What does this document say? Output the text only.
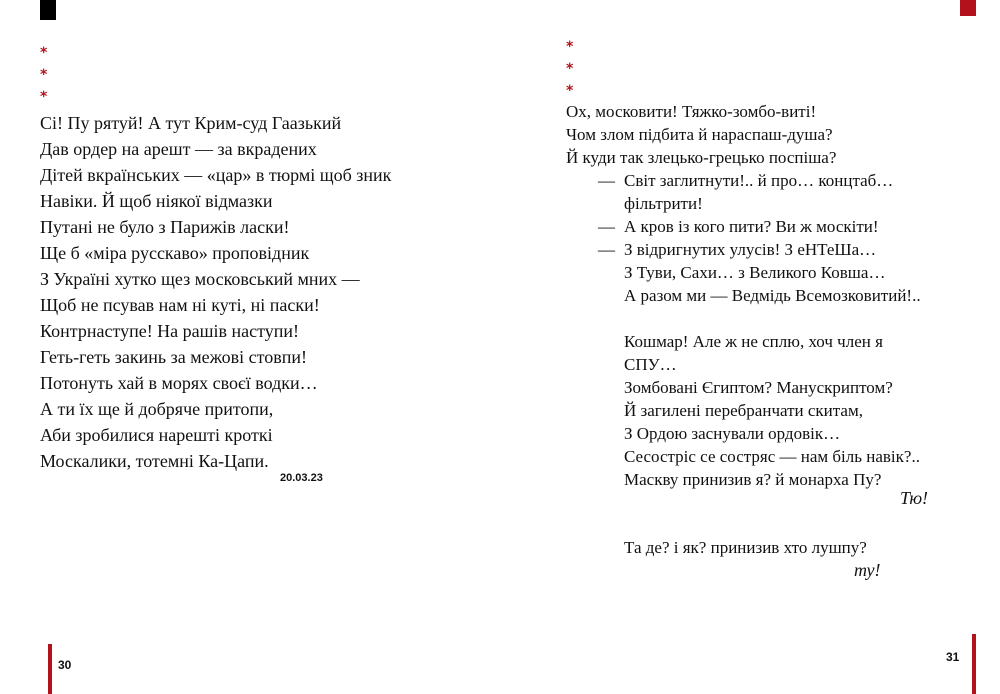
*
*
*
Сі! Пу рятуй! А тут Крим-суд Гаазький
Дав ордер на арешт — за вкрадених
Дітей вкраїнських — «цар» в тюрмі щоб зник
Навіки. Й щоб ніякої відмазки
Путані не було з Парижів ласки!
Ще б «міра русскаво» проповідник
З Україні хутко щез московський мних —
Щоб не псував нам ні куті, ні паски!
Контрнаступе! На рашів наступи!
Геть-геть закинь за межові стовпи!
Потонуть хай в морях своєї водки…
А ти їх ще й добряче притопи,
Аби зробилися нарешті кроткі
Москалики, тотемні Ка-Цапи.
20.03.23
30
*
*
*
Ох, московити! Тяжко-зомбо-виті!
Чом злом підбита й нараспаш-душа?
Й куди так злецько-грецько поспіша?
— Світ заглитнути!.. й про… концтаб…
фільтрити!
— А кров із кого пити? Ви ж москіти!
— З відригнутих улусів! З еНТеШа…
З Туви, Сахи… з Великого Ковша…
А разом ми — Ведмідь Всемозковитий!..
Кошмар! Але ж не сплю, хоч член я
СПУ…
Зомбовані Єгиптом? Манускриптом?
Й загилені перебранчати скитам,
З Ордою заснували ордовік…
Сесостріс се состряс — нам біль навік?..
Маскву принизив я? й монарха Пу?
Тю!
Та де? і як? принизив хто лушпу?
ту!
31
